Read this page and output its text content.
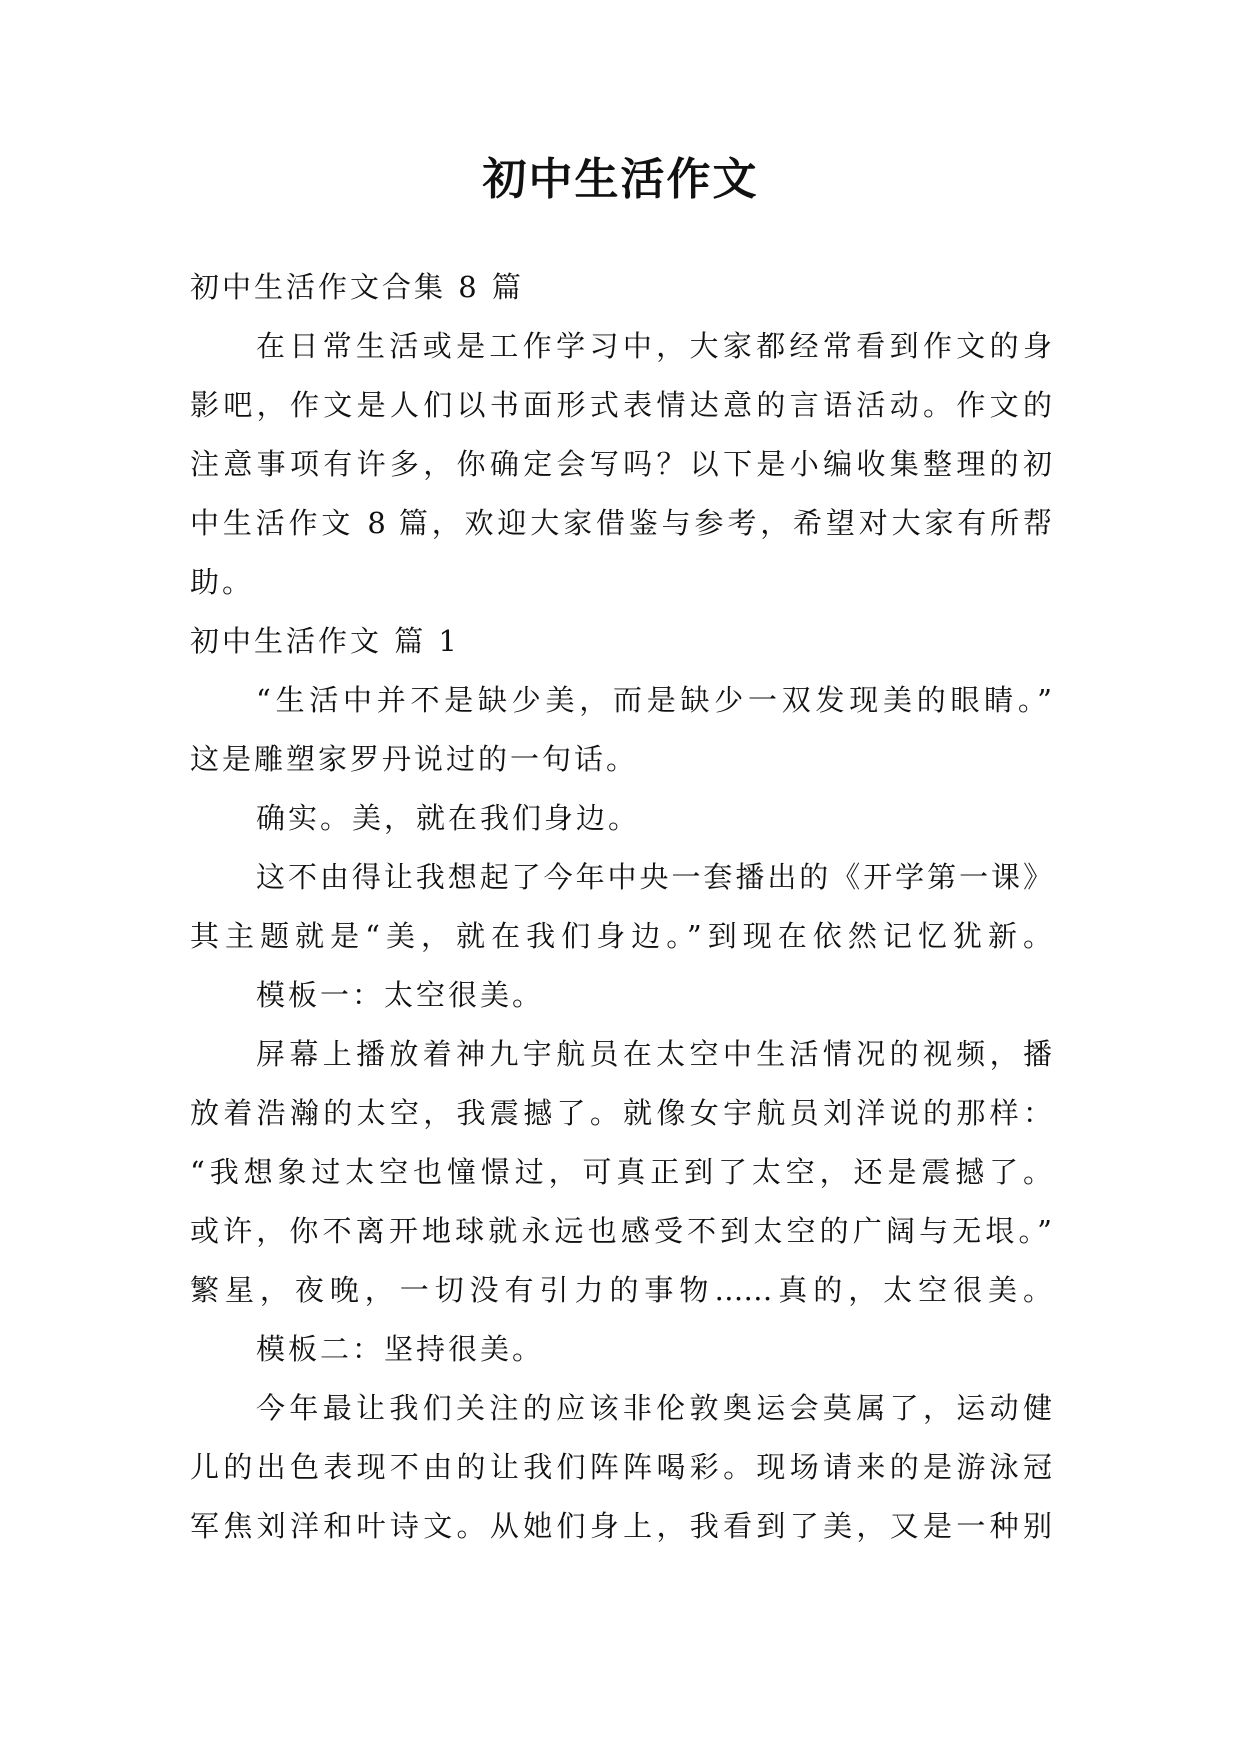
初中生活作文
初中生活作文合集 8 篇
在日常生活或是工作学习中，大家都经常看到作文的身
影吧，作文是人们以书面形式表情达意的言语活动。作文的
注意事项有许多，你确定会写吗？以下是小编收集整理的初
中生活作文 8 篇，欢迎大家借鉴与参考，希望对大家有所帮
助。
初中生活作文 篇 1
“生活中并不是缺少美，而是缺少一双发现美的眼睛。”
这是雕塑家罗丹说过的一句话。
确实。美，就在我们身边。
这不由得让我想起了今年中央一套播出的《开学第一课》
其主题就是“美，就在我们身边。”到现在依然记忆犹新。
模板一：太空很美。
屏幕上播放着神九宇航员在太空中生活情况的视频，播
放着浩瀚的太空，我震撼了。就像女宇航员刘洋说的那样：
“我想象过太空也憧憬过，可真正到了太空，还是震撼了。
或许，你不离开地球就永远也感受不到太空的广阔与无垠。”
繁星，夜晚，一切没有引力的事物……真的，太空很美。
模板二：坚持很美。
今年最让我们关注的应该非伦敦奥运会莫属了，运动健
儿的出色表现不由的让我们阵阵喝彩。现场请来的是游泳冠
军焦刘洋和叶诗文。从她们身上，我看到了美，又是一种别
